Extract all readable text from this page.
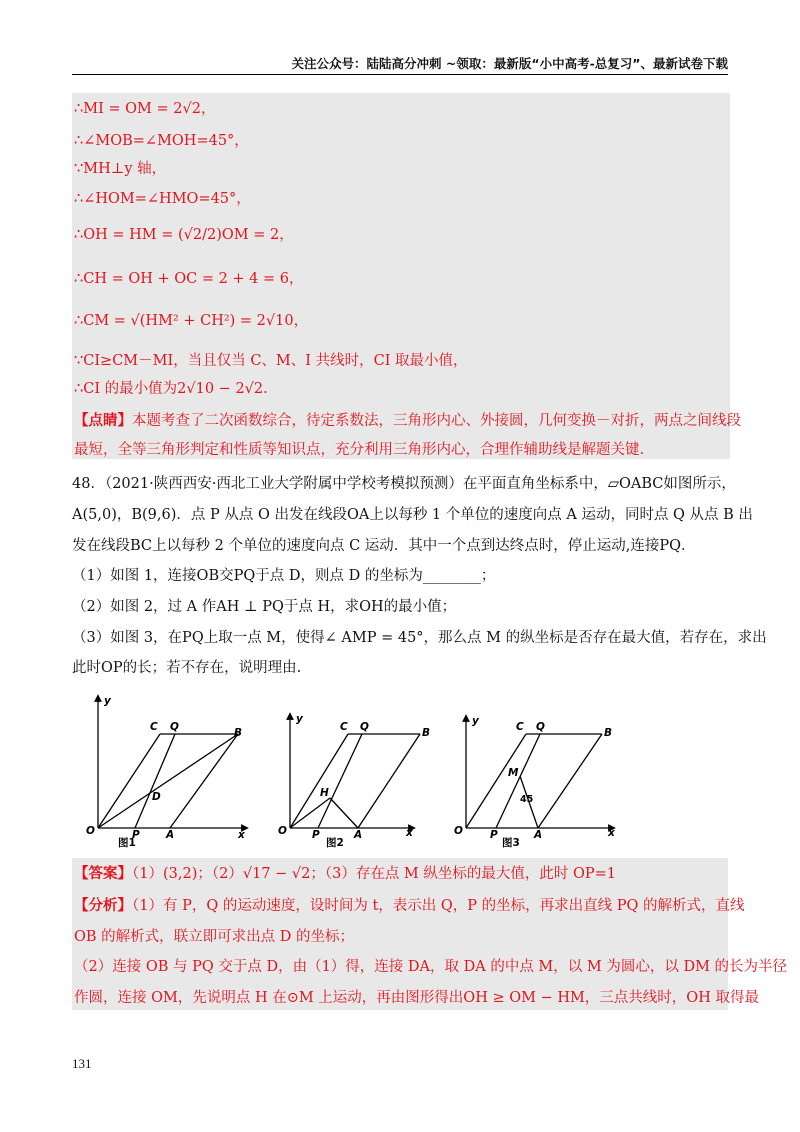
关注公众号：陆陆高分冲刺 ~领取：最新版“小中高考-总复习”、最新试卷下载
∴MI = OM = 2√2，
∴∠MOB=∠MOH=45°，
∵MH⊥y 轴，
∴∠HOM=∠HMO=45°，
∴OH = HM = (√2/2)OM = 2，
∴CH = OH + OC = 2 + 4 = 6，
∴CM = √(HM² + CH²) = 2√10，
∵CI≥CM－MI，当且仅当 C、M、I 共线时，CI 取最小值，
∴CI 的最小值为2√10 − 2√2.
【点睛】本题考查了二次函数综合，待定系数法，三角形内心、外接圆，几何变换－对折，两点之间线段
最短，全等三角形判定和性质等知识点，充分利用三角形内心，合理作辅助线是解题关键.
48．（2021·陕西西安·西北工业大学附属中学校考模拟预测）在平面直角坐标系中，▱OABC如图所示，
A(5,0)，B(9,6)．点 P 从点 O 出发在线段OA上以每秒 1 个单位的速度向点 A 运动，同时点 Q 从点 B 出
发在线段BC上以每秒 2 个单位的速度向点 C 运动．其中一个点到达终点时，停止运动,连接PQ．
（1）如图 1，连接OB交PQ于点 D，则点 D 的坐标为________；
（2）如图 2，过 A 作AH ⊥ PQ于点 H，求OH的最小值；
（3）如图 3，在PQ上取一点 M，使得∠ AMP = 45°，那么点 M 的纵坐标是否存在最大值，若存在，求出
此时OP的长；若不存在，说明理由.
y
x
O	P	A
C Q	B
D
图1
y
x
O P	A
C Q	B
H
图2
y
x
O	P	A
C Q	B
M
45
图3
【答案】（1）(3,2)；（2）√17 − √2；（3）存在点 M 纵坐标的最大值，此时 OP=1
【分析】（1）有 P，Q 的运动速度，设时间为 t，表示出 Q，P 的坐标，再求出直线 PQ 的解析式，直线
OB 的解析式，联立即可求出点 D 的坐标；
（2）连接 OB 与 PQ 交于点 D，由（1）得，连接 DA，取 DA 的中点 M，以 M 为圆心，以 DM 的长为半径
作圆，连接 OM，先说明点 H 在⊙M 上运动，再由图形得出OH ≥ OM − HM，三点共线时，OH 取得最
131
